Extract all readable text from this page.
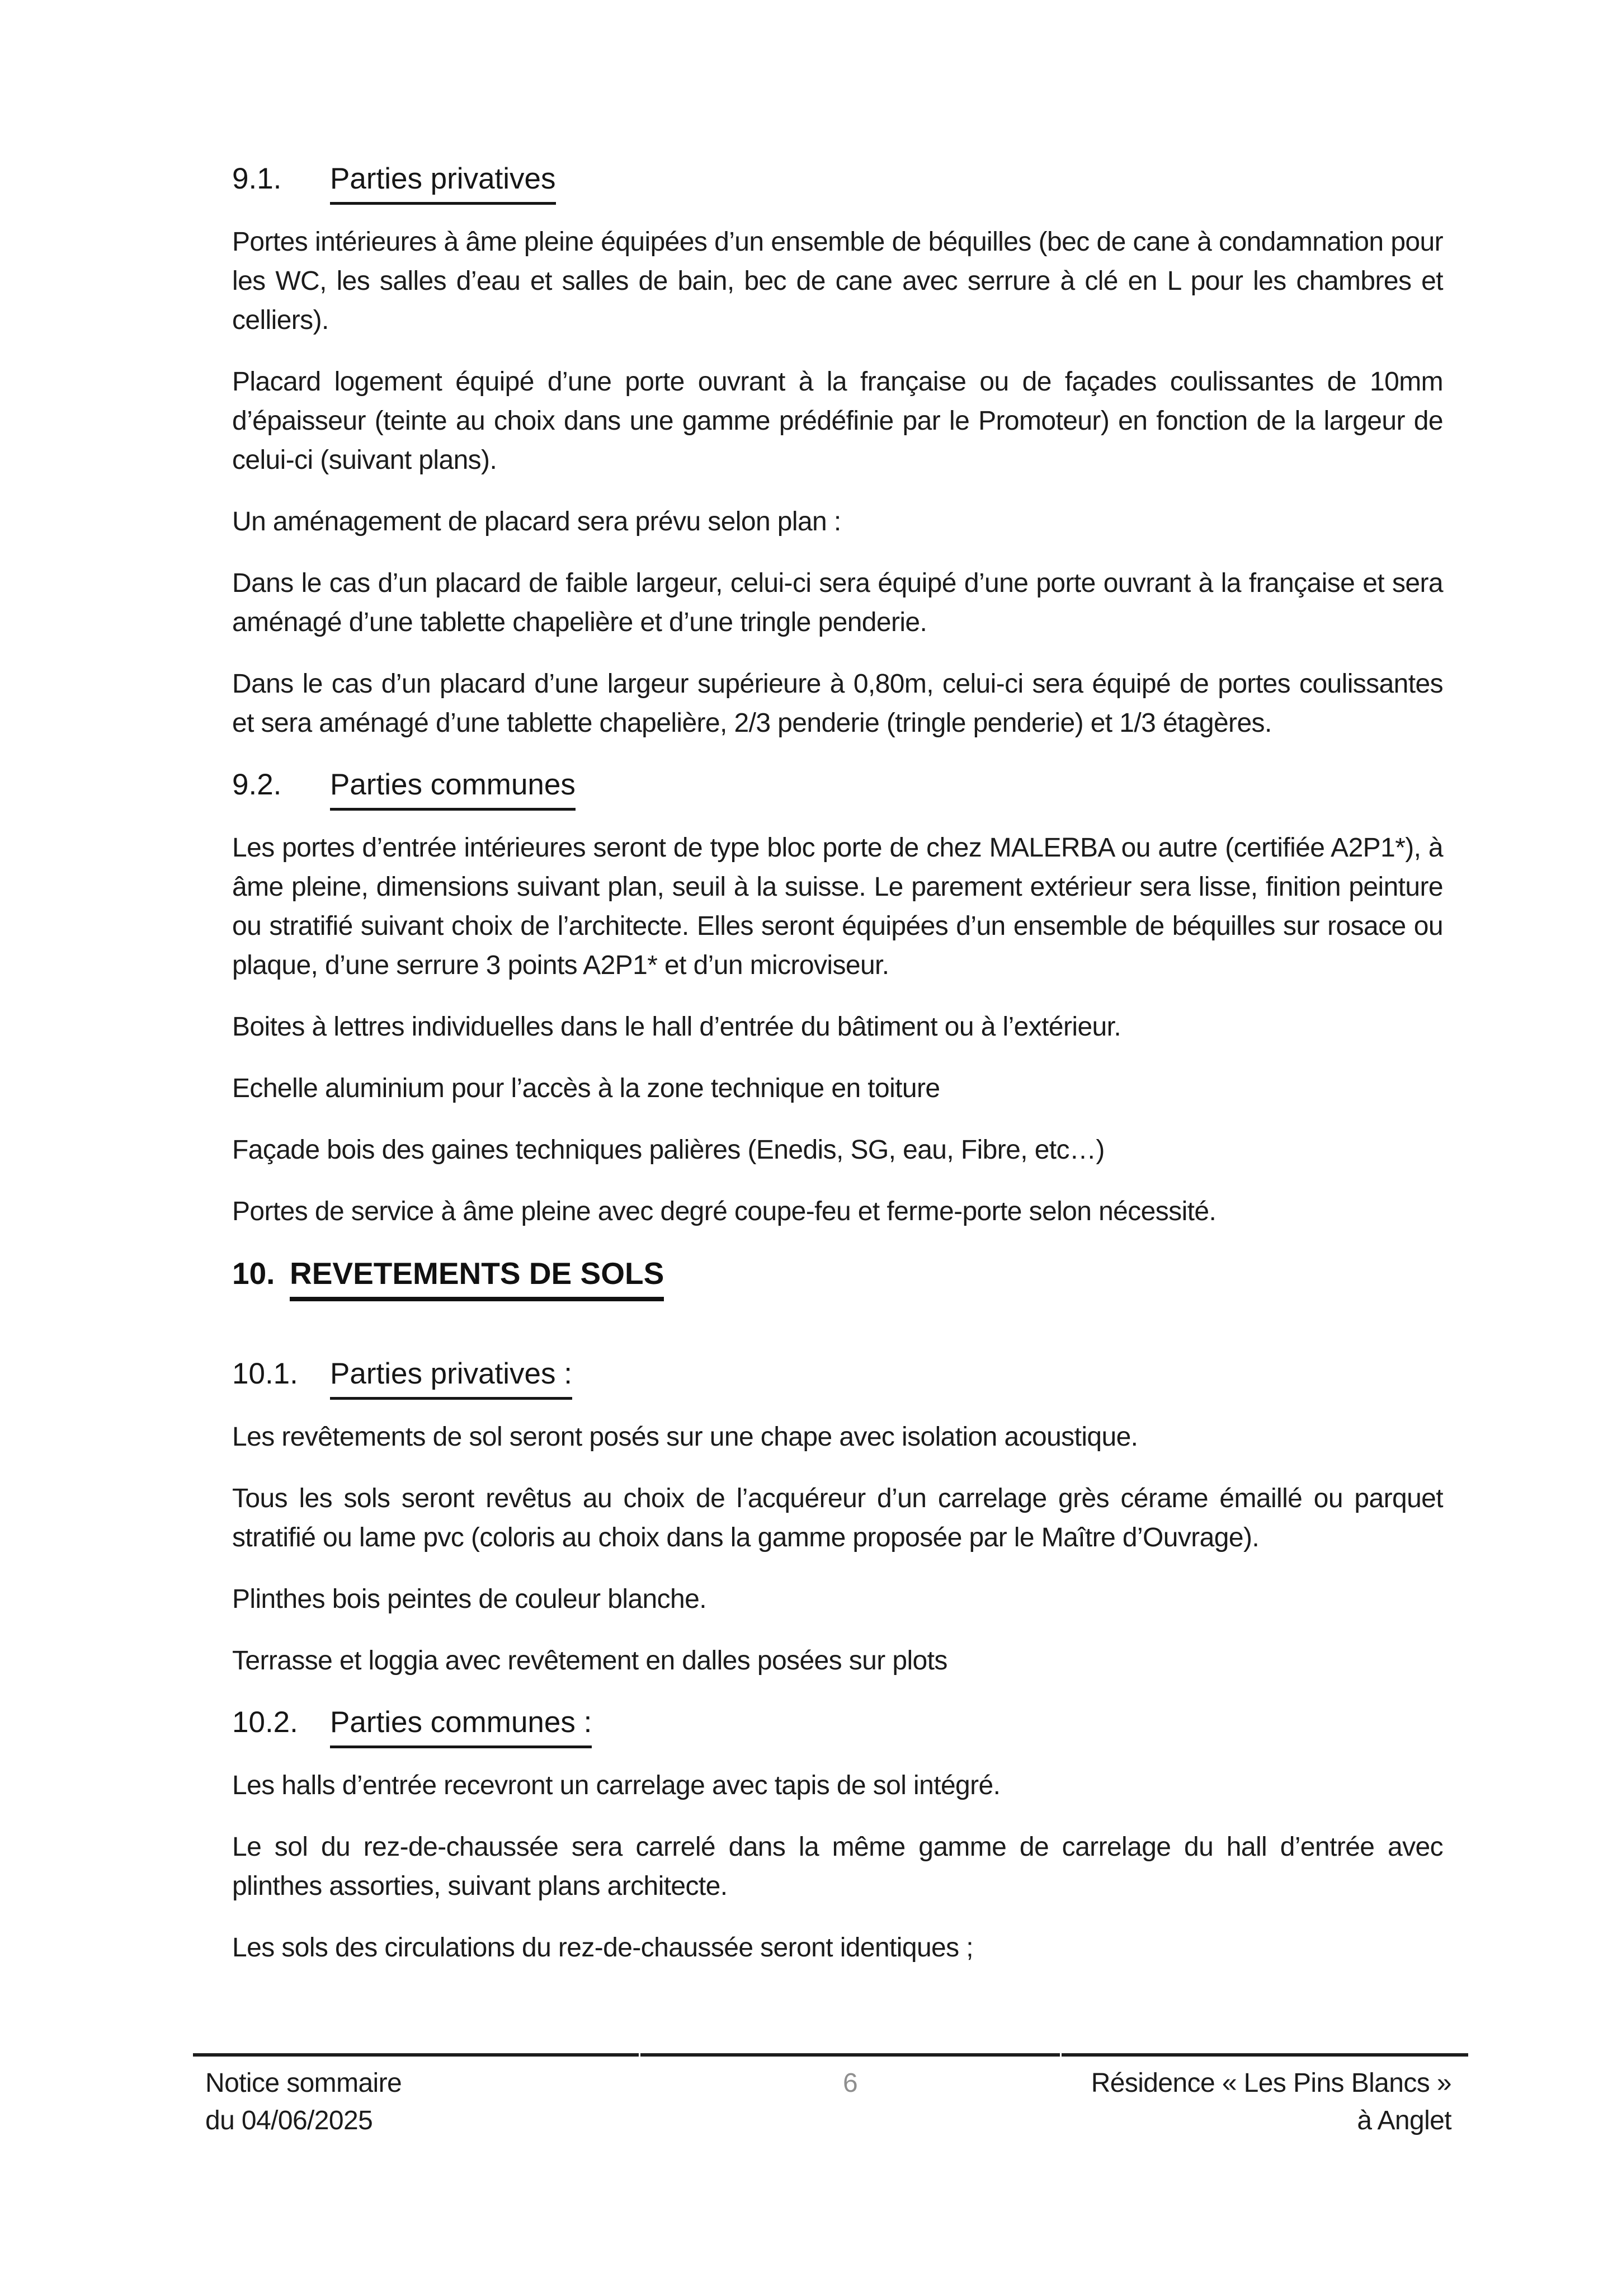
9.1. Parties privatives

Portes intérieures à âme pleine équipées d’un ensemble de béquilles (bec de cane à condamnation pour les WC, les salles d’eau et salles de bain, bec de cane avec serrure à clé en L pour les chambres et celliers).

Placard logement équipé d’une porte ouvrant à la française ou de façades coulissantes de 10mm d’épaisseur (teinte au choix dans une gamme prédéfinie par le Promoteur) en fonction de la largeur de celui-ci (suivant plans).

Un aménagement de placard sera prévu selon plan :

Dans le cas d’un placard de faible largeur, celui-ci sera équipé d’une porte ouvrant à la française et sera aménagé d’une tablette chapelière et d’une tringle penderie.

Dans le cas d’un placard d’une largeur supérieure à 0,80m, celui-ci sera équipé de portes coulissantes et sera aménagé d’une tablette chapelière, 2/3 penderie (tringle penderie) et 1/3 étagères.

9.2. Parties communes

Les portes d’entrée intérieures seront de type bloc porte de chez MALERBA ou autre (certifiée A2P1*), à âme pleine, dimensions suivant plan, seuil à la suisse. Le parement extérieur sera lisse, finition peinture ou stratifié suivant choix de l’architecte. Elles seront équipées d’un ensemble de béquilles sur rosace ou plaque, d’une serrure 3 points A2P1* et d’un microviseur.

Boites à lettres individuelles dans le hall d’entrée du bâtiment ou à l’extérieur.

Echelle aluminium pour l’accès à la zone technique en toiture

Façade bois des gaines techniques palières (Enedis, SG, eau, Fibre, etc…)

Portes de service à âme pleine avec degré coupe-feu et ferme-porte selon nécessité.

10. REVETEMENTS DE SOLS
10.1. Parties privatives :

Les revêtements de sol seront posés sur une chape avec isolation acoustique.

Tous les sols seront revêtus au choix de l’acquéreur d’un carrelage grès cérame émaillé ou parquet stratifié ou lame pvc (coloris au choix dans la gamme proposée par le Maître d’Ouvrage).

Plinthes bois peintes de couleur blanche.

Terrasse et loggia avec revêtement en dalles posées sur plots

10.2. Parties communes :

Les halls d’entrée recevront un carrelage avec tapis de sol intégré.

Le sol du rez-de-chaussée sera carrelé dans la même gamme de carrelage du hall d’entrée avec plinthes assorties, suivant plans architecte.

Les sols des circulations du rez-de-chaussée seront identiques ;

Notice sommaire
du 04/06/2025
6	Résidence « Les Pins Blancs »
à Anglet
